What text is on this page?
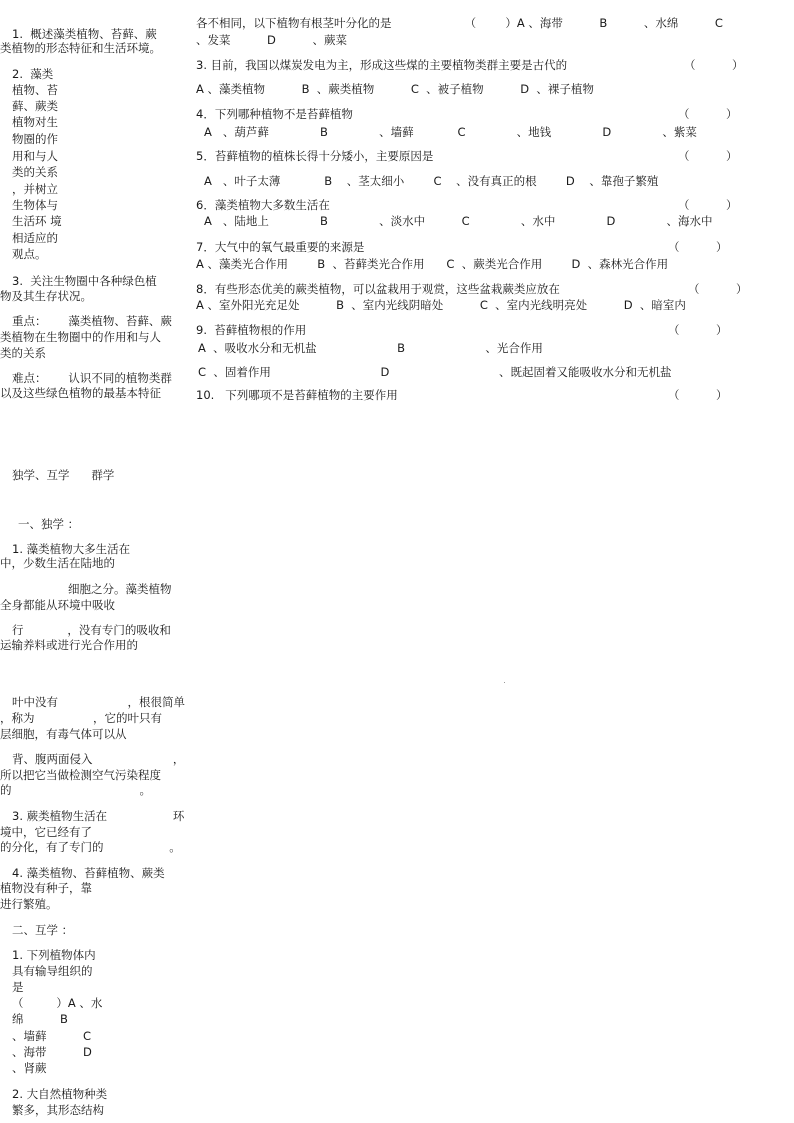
1.  概述藻类植物、苔藓、蕨
类植物的形态特征和生活环境。
2.  藻类
植物、苔
藓、蕨类
植物对生
物圈的作
用和与人
类的关系
，并树立
生物体与
生活环 境
相适应的
观点。
3.  关注生物圈中各种绿色植
物及其生存状况。
重点：      藻类植物、苔藓、蕨
类植物在生物圈中的作用和与人
类的关系
难点：      认识不同的植物类群
以及这些绿色植物的最基本特征
独学、互学      群学
一、独学 ：
1. 藻类植物大多生活在
中，少数生活在陆地的
细胞之分。藻类植物
全身都能从环境中吸收
行            ，没有专门的吸收和
运输养料或进行光合作用的
叶中没有                   ，根很简单
，称为                ，它的叶只有
层细胞，有毒气体可以从
背、腹两面侵入                      ，
所以把它当做检测空气污染程度
的                                   。
3. 蕨类植物生活在                  环
境中，它已经有了
的分化，有了专门的                  。
4. 藻类植物、苔藓植物、蕨类
植物没有种子，靠
进行繁殖。
二、互学 ：
1. 下列植物体内
具有输导组织的
是
（         ）A 、水
绵          B
、墙藓          C
、海带          D
、肾蕨
2. 大自然植物种类
繁多，其形态结构
各不相同，以下植物有根茎叶分化的是                    （        ）A 、海带          B          、水绵          C
、发菜          D          、蕨菜
3. 目前，我国以煤炭发电为主，形成这些煤的主要植物类群主要是古代的	（          ）
A 、藻类植物          B  、蕨类植物          C  、被子植物          D  、裸子植物
4．下列哪种植物不是苔藓植物	（          ）
A   、葫芦藓              B              、墙藓            C              、地钱              D              、紫菜
5．苔藓植物的植株长得十分矮小，主要原因是	（          ）
A   、叶子太薄            B    、茎太细小        C    、没有真正的根        D    、靠孢子繁殖
6．藻类植物大多数生活在	（          ）
A   、陆地上              B              、淡水中          C              、水中              D              、海水中
7．大气中的氧气最重要的来源是	（          ）
A 、藻类光合作用        B  、苔藓类光合作用      C  、蕨类光合作用        D  、森林光合作用
8．有些形态优美的蕨类植物，可以盆栽用于观赏，这些盆栽蕨类应放在	（          ）
A 、室外阳光充足处          B  、室内光线阴暗处          C  、室内光线明亮处          D  、暗室内
9.  苔藓植物根的作用	（          ）
A  、吸收水分和无机盐                      B                      、光合作用
C  、固着作用                              D                              、既起固着又能吸收水分和无机盐
10.   下列哪项不是苔藓植物的主要作用	（          ）
